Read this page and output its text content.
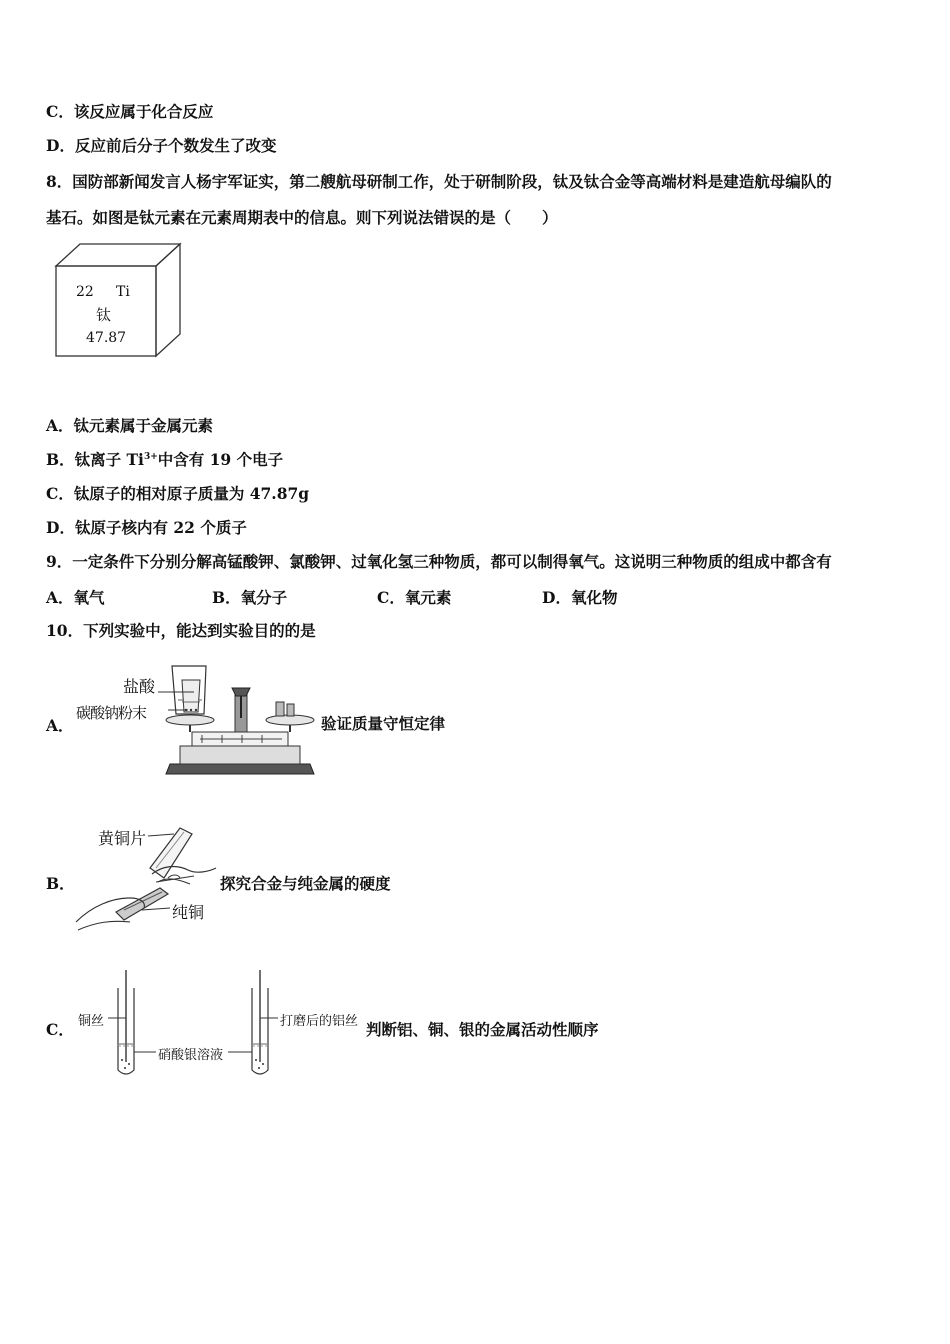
C．该反应属于化合反应
D．反应前后分子个数发生了改变
8．国防部新闻发言人杨宇军证实，第二艘航母研制工作，处于研制阶段，钛及钛合金等高端材料是建造航母编队的
基石。如图是钛元素在元素周期表中的信息。则下列说法错误的是（　　）
22 Ti
钛
47.87
A．钛元素属于金属元素
B．钛离子 $Ti^{3+}$中含有 19 个电子
C．钛原子的相对原子质量为 47.87g
D．钛原子核内有 22 个质子
9．一定条件下分别分解高锰酸钾、氯酸钾、过氧化氢三种物质，都可以制得氧气。这说明三种物质的组成中都含有
A．氧气	B．氧分子	C．氧元素	D．氧化物
10．下列实验中，能达到实验目的的是
A．
盐酸
碳酸钠粉末
验证质量守恒定律
B．
黄铜片
纯铜
探究合金与纯金属的硬度
C． 铜丝
硝酸银溶液
打磨后的铝丝 判断铝、铜、银的金属活动性顺序
